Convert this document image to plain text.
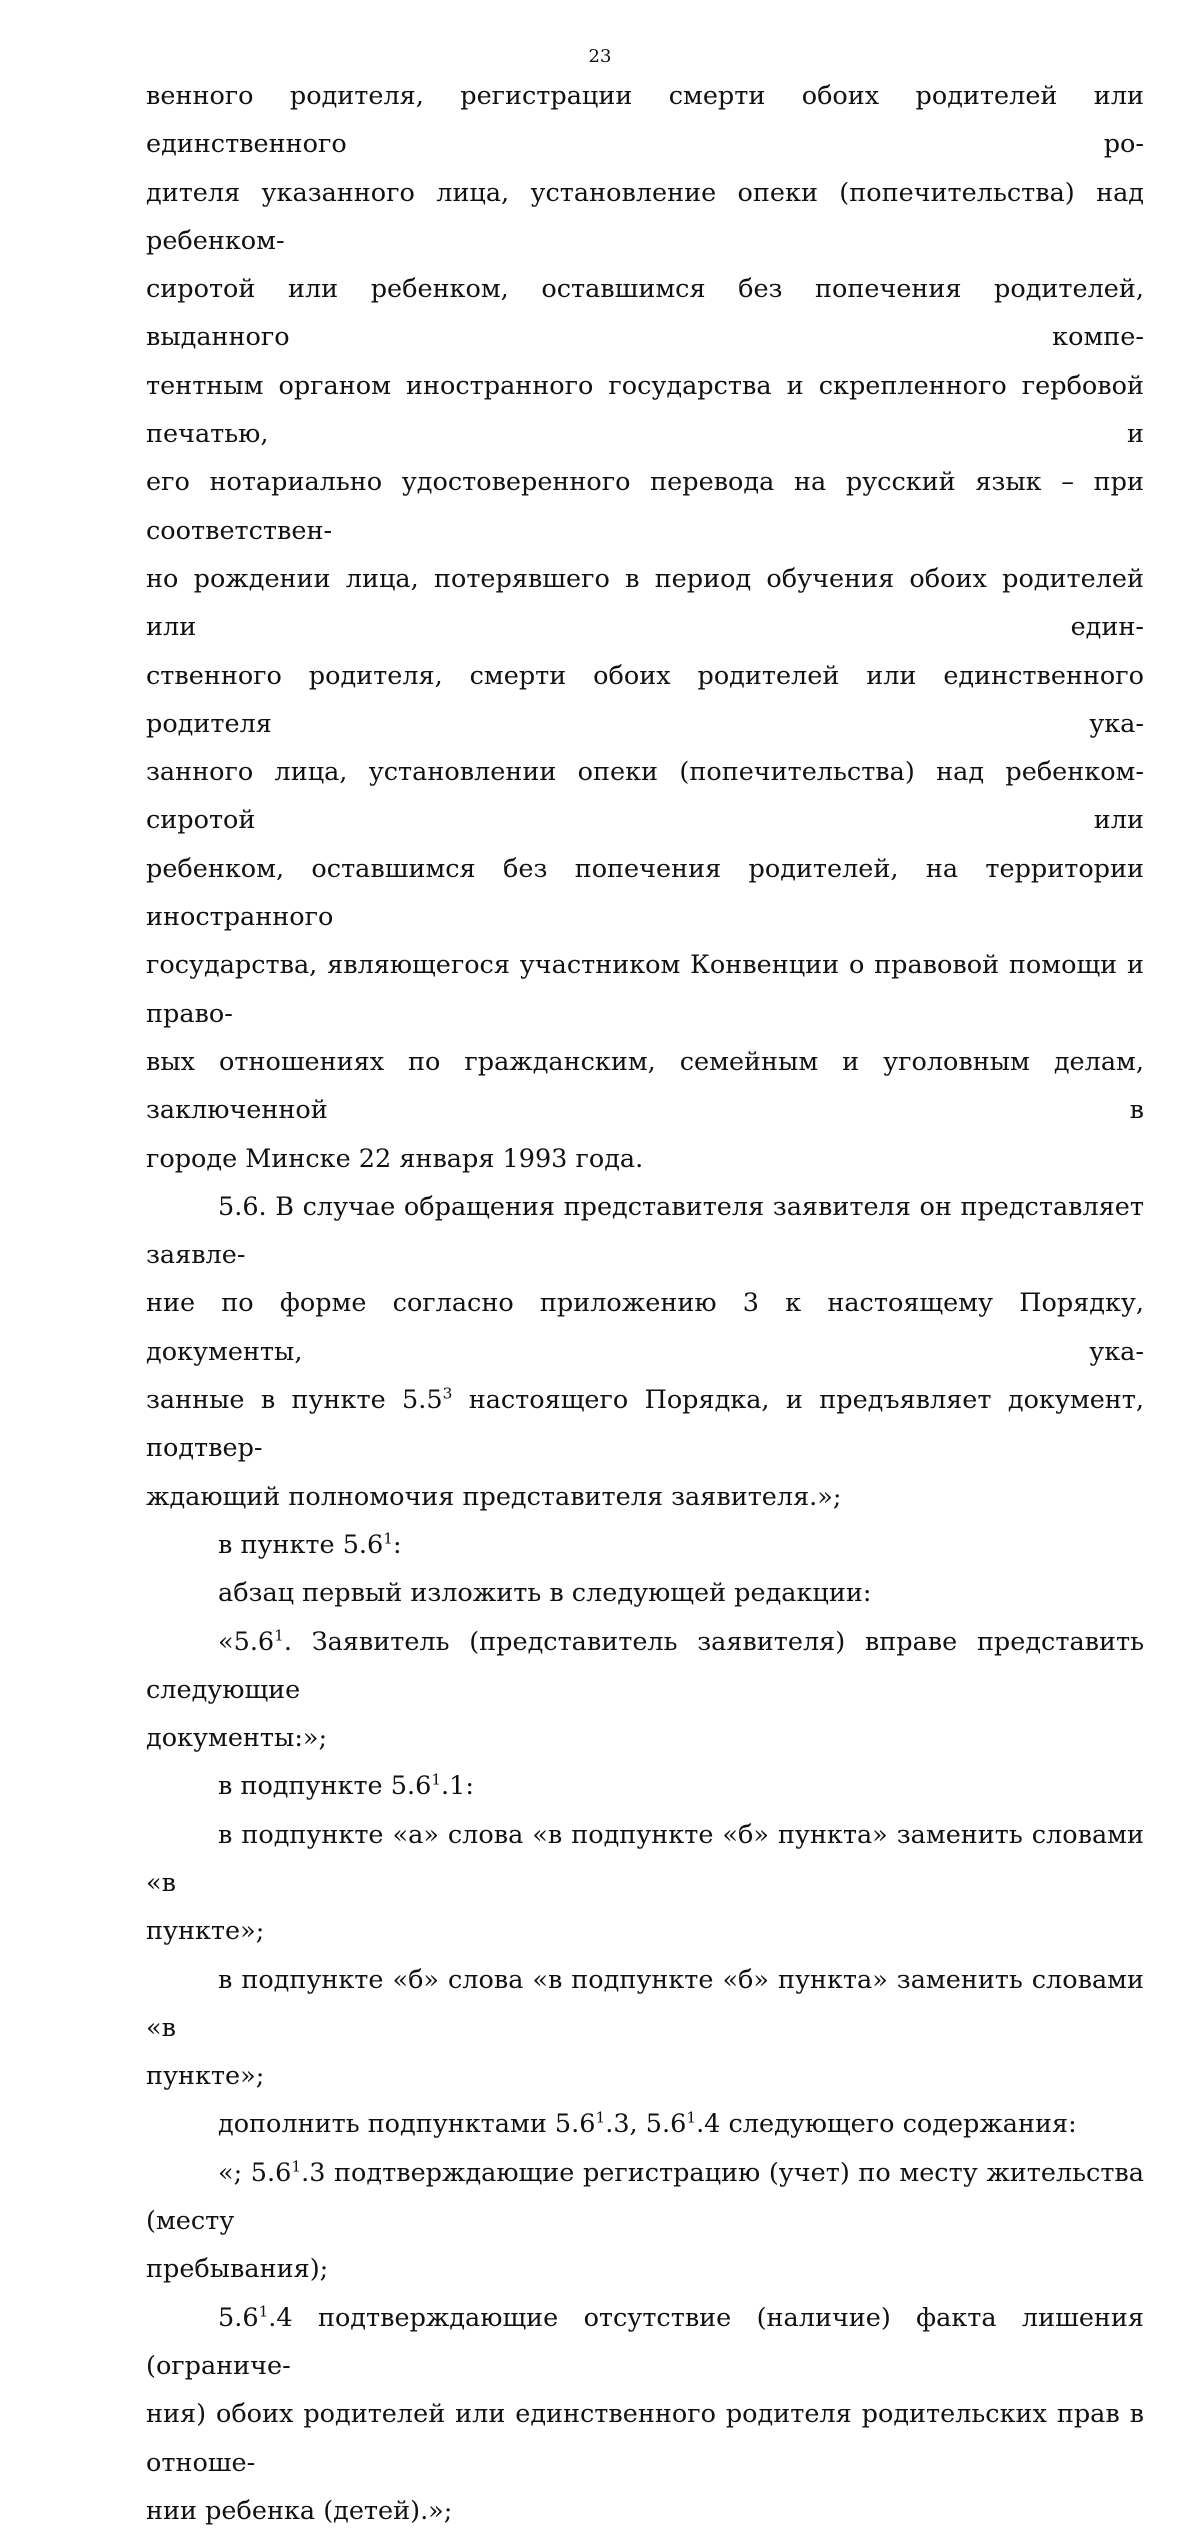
23
венного родителя, регистрации смерти обоих родителей или единственного ро-
дителя указанного лица, установление опеки (попечительства) над ребенком-
сиротой или ребенком, оставшимся без попечения родителей, выданного компе-
тентным органом иностранного государства и скрепленного гербовой печатью, и
его нотариально удостоверенного перевода на русский язык – при соответствен-
но рождении лица, потерявшего в период обучения обоих родителей или един-
ственного родителя, смерти обоих родителей или единственного родителя ука-
занного лица, установлении опеки (попечительства) над ребенком-сиротой или
ребенком, оставшимся без попечения родителей, на территории иностранного
государства, являющегося участником Конвенции о правовой помощи и право-
вых отношениях по гражданским, семейным и уголовным делам, заключенной в
городе Минске 22 января 1993 года.
5.6. В случае обращения представителя заявителя он представляет заявле-
ние по форме согласно приложению 3 к настоящему Порядку, документы, ука-
занные в пункте $5.5^3$ настоящего Порядка, и предъявляет документ, подтвер-
ждающий полномочия представителя заявителя.»;
в пункте $5.6^1$:
абзац первый изложить в следующей редакции:
«$5.6^1$. Заявитель (представитель заявителя) вправе представить следующие
документы:»;
в подпункте $5.6^1.1$:
в подпункте «а» слова «в подпункте «б» пункта» заменить словами «в
пункте»;
в подпункте «б» слова «в подпункте «б» пункта» заменить словами «в
пункте»;
дополнить подпунктами $5.6^1.3$, $5.6^1.4$ следующего содержания:
«; $5.6^1.3$ подтверждающие регистрацию (учет) по месту жительства (месту
пребывания);
$5.6^1.4$ подтверждающие отсутствие (наличие) факта лишения (ограниче-
ния) обоих родителей или единственного родителя родительских прав в отноше-
нии ребенка (детей).»;
